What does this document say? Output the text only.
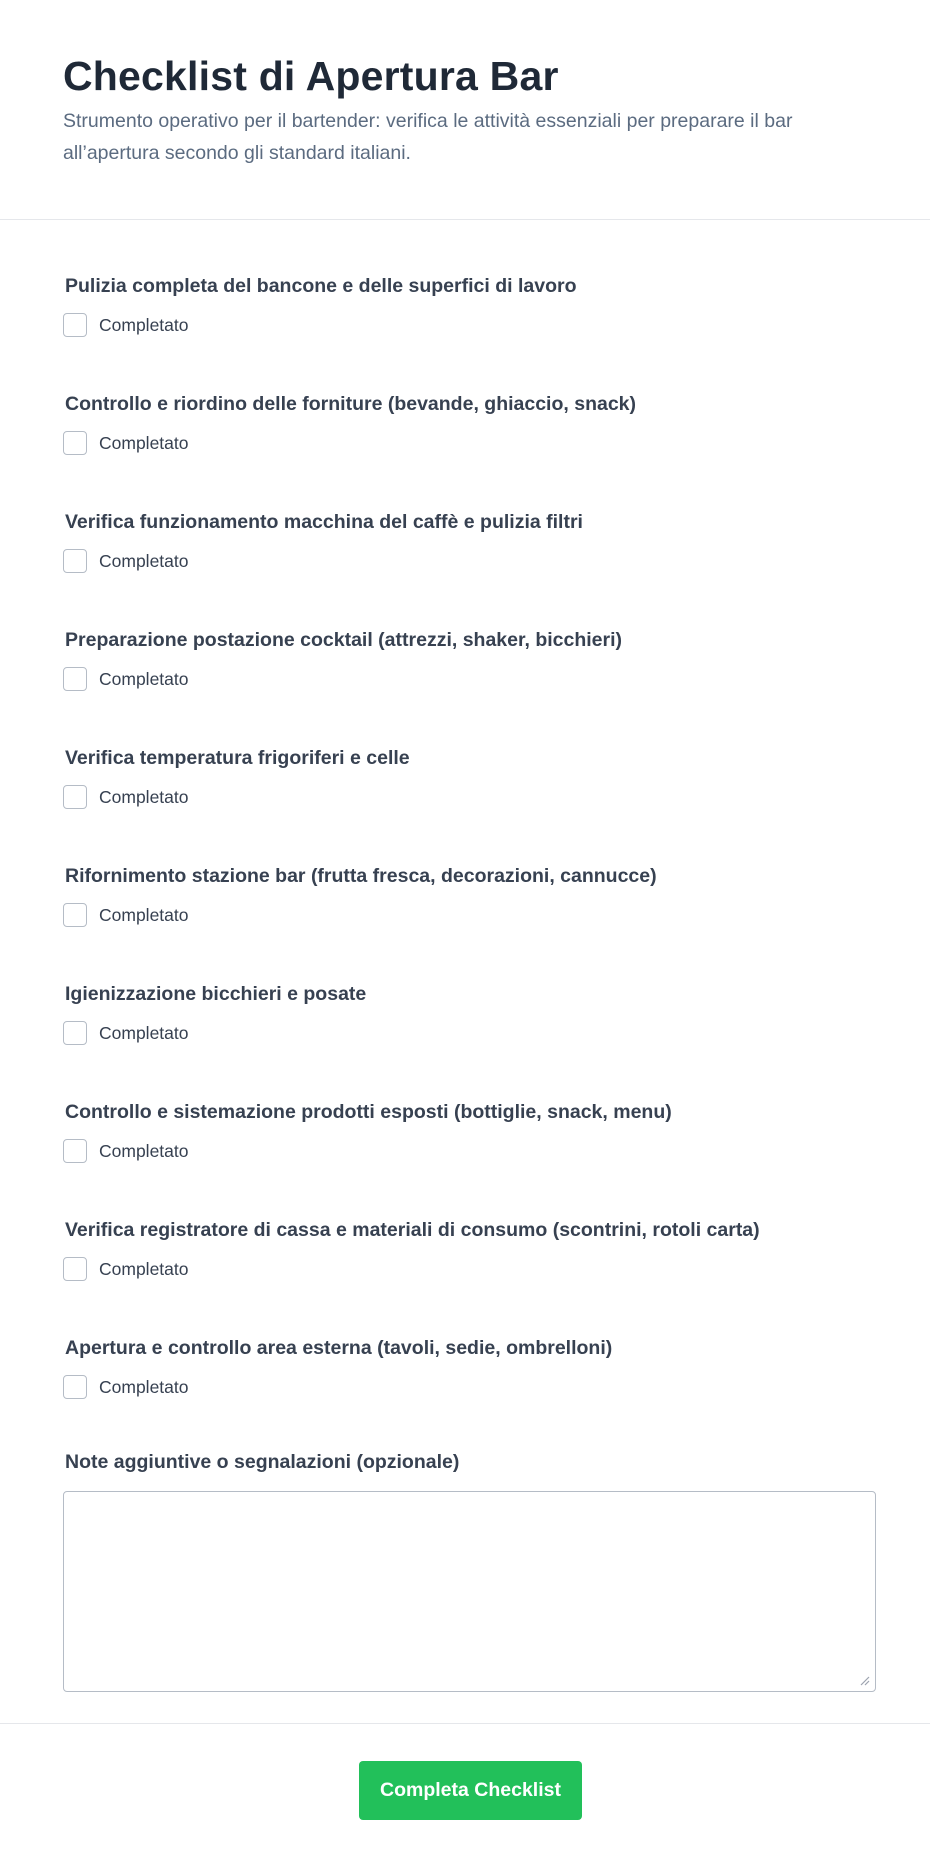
Checklist di Apertura Bar

Strumento operativo per il bartender: verifica le attività essenziali per preparare il bar all’apertura secondo gli standard italiani.

Pulizia completa del bancone e delle superfici di lavoro
Completato
Controllo e riordino delle forniture (bevande, ghiaccio, snack)
Completato
Verifica funzionamento macchina del caffè e pulizia filtri
Completato
Preparazione postazione cocktail (attrezzi, shaker, bicchieri)
Completato
Verifica temperatura frigoriferi e celle
Completato
Rifornimento stazione bar (frutta fresca, decorazioni, cannucce)
Completato
Igienizzazione bicchieri e posate
Completato
Controllo e sistemazione prodotti esposti (bottiglie, snack, menu)
Completato
Verifica registratore di cassa e materiali di consumo (scontrini, rotoli carta)
Completato
Apertura e controllo area esterna (tavoli, sedie, ombrelloni)
Completato
Note aggiuntive o segnalazioni (opzionale)
Completa Checklist
